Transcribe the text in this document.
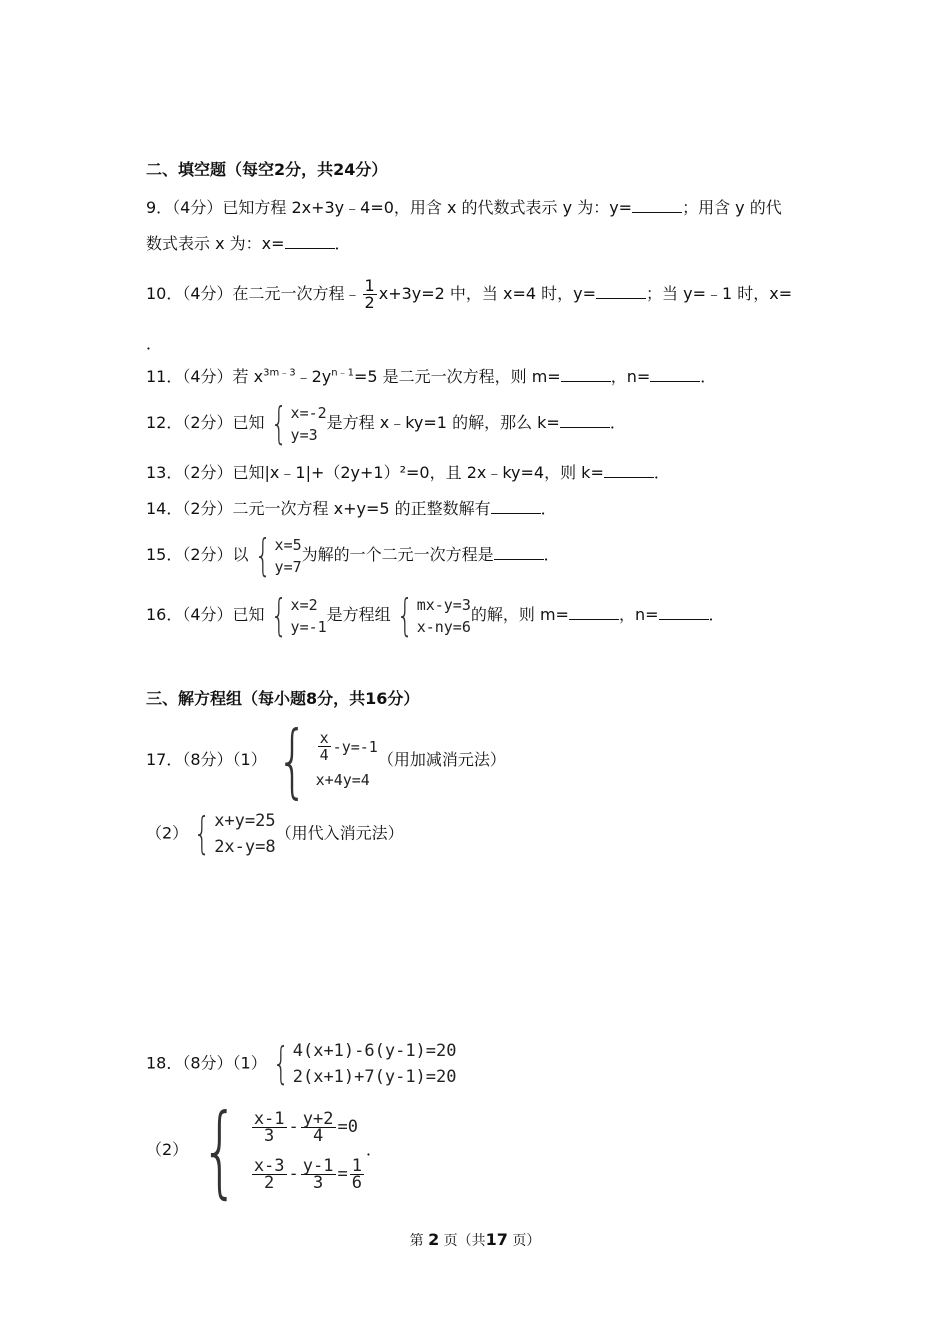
二、填空题（每空2分，共24分）
9．（4分）已知方程 2x+3y﹣4=0，用含 x 的代数式表示 y 为：y=	；用含 y 的代
数式表示 x 为：x=	．
10．（4分）在二元一次方程﹣ $\frac{1}{2} x+3y=2$ 中，当 x=4 时，y=	；当 y=﹣1 时，x=
．
11．（4分）若 $x^{3m﹣3}﹣2y^{n﹣1}=5$ 是二元一次方程，则 m=	，n=	．
12．（2分）已知 { x=-2
y=3
是方程 x﹣ky=1 的解，那么 k=	．
13．（2分）已知|x﹣1|+（2y+1）²=0，且 2x﹣ky=4，则 k=	．
14．（2分）二元一次方程 x+y=5 的正整数解有	．
15．（2分）以 { x=5
y=7
为解的一个二元一次方程是	．
16．（4分）已知 { x=2
y=-1
是方程组 { mx-y=3
x-ny=6
的解，则 m=	，n=	．
三、解方程组（每小题8分，共16分）
17．（8分）（1） { $\frac{x}{4} -y=-1$
x+4y=4
（用加减消元法）
（2） { x+y=25
2x-y=8
（用代入消元法）
18．（8分）（1） { 4(x+1)-6(y-1)=20
2(x+1)+7(y-1)=20
（2） { $\frac{x-1}{3} - \frac{y+2}{4} =0$
$\frac{x-3}{2} - \frac{y-1}{3} = \frac{1}{6}$
．
第 2 页（共17 页）
